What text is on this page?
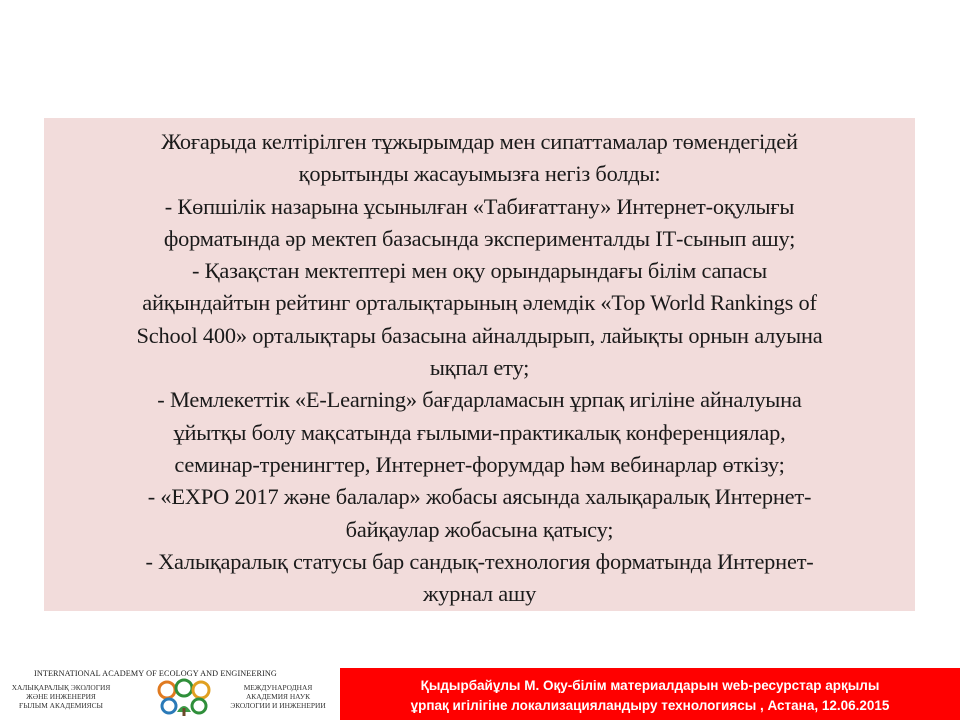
Жоғарыда келтірілген тұжырымдар мен сипаттамалар төмендегідей

қорытынды жасауымызға негіз болды:

- Көпшілік назарына ұсынылған «Табиғаттану» Интернет-оқулығы

форматында әр мектеп базасында эксперименталды ІТ-сынып ашу;

- Қазақстан мектептері мен оқу орындарындағы білім сапасы

айқындайтын рейтинг орталықтарының әлемдік «Top World Rankings of

School 400» орталықтары базасына айналдырып, лайықты орнын алуына

ықпал ету;

- Мемлекеттік «E-Learning» бағдарламасын ұрпақ игіліне айналуына

ұйытқы болу мақсатында ғылыми-практикалық конференциялар,

семинар-тренингтер, Интернет-форумдар һәм вебинарлар өткізу;

- «EXPO 2017 және балалар» жобасы аясында халықаралық Интернет-

байқаулар жобасына қатысу;

- Халықаралық статусы бар сандық-технология форматында Интернет-

журнал ашу

INTERNATIONAL ACADEMY OF ECOLOGY AND ENGINEERING
ХАЛЫҚАРАЛЫҚ ЭКОЛОГИЯ
ЖӘНЕ ИНЖЕНЕРИЯ
ҒЫЛЫМ АКАДЕМИЯСЫ
МЕЖДУНАРОДНАЯ
АКАДЕМИЯ НАУК
ЭКОЛОГИИ И ИНЖЕНЕРИИ
Қыдырбайұлы М. Оқу-білім материалдарын web-ресурстар арқылы
ұрпақ игілігіне локализацияландыру технологиясы , Астана, 12.06.2015
